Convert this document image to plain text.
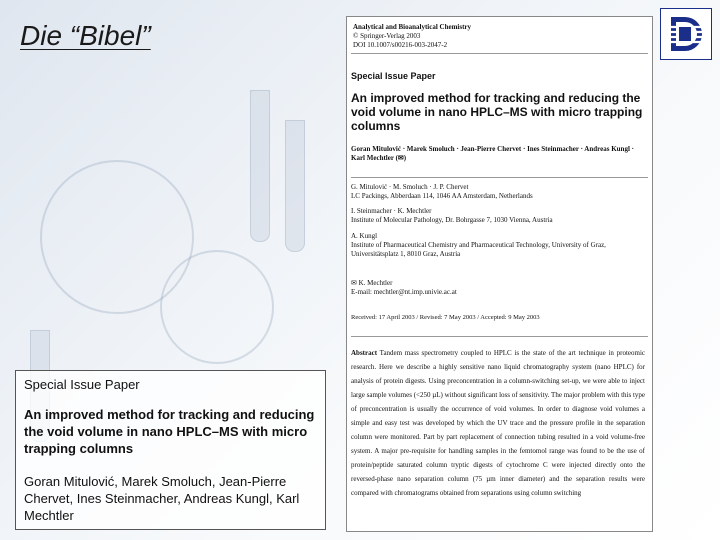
Die “Bibel”

Special Issue Paper

An improved method for tracking and reducing the void volume in nano HPLC–MS with micro trapping columns

Goran Mitulović, Marek Smoluch, Jean-Pierre Chervet, Ines Steinmacher, Andreas Kungl, Karl Mechtler

Analytical and Bioanalytical Chemistry
© Springer-Verlag 2003
DOI 10.1007/s00216-003-2047-2
Special Issue Paper
An improved method for tracking and reducing the void volume in nano HPLC–MS with micro trapping columns
Goran Mitulović · Marek Smoluch · Jean-Pierre Chervet · Ines Steinmacher · Andreas Kungl · Karl Mechtler (✉)
G. Mitulović · M. Smoluch · J. P. Chervet
LC Packings, Abberdaan 114, 1046 AA Amsterdam, Netherlands
I. Steinmacher · K. Mechtler
Institute of Molecular Pathology, Dr. Bohrgasse 7, 1030 Vienna, Austria
A. Kungl
Institute of Pharmaceutical Chemistry and Pharmaceutical Technology, University of Graz, Universitätsplatz 1, 8010 Graz, Austria
✉ K. Mechtler
E-mail: mechtler@nt.imp.univie.ac.at
Received: 17 April 2003 / Revised: 7 May 2003 / Accepted: 9 May 2003
Abstract Tandem mass spectrometry coupled to HPLC is the state of the art technique in proteomic research. Here we describe a highly sensitive nano liquid chromatography system (nano HPLC) for analysis of protein digests. Using preconcentration in a column-switching set-up, we were able to inject large sample volumes (<250 µL) without significant loss of sensitivity. The major problem with this type of preconcentration is usually the occurrence of void volumes. In order to diagnose void volumes a simple and easy test was developed by which the UV trace and the pressure profile in the separation column were monitored. Part by part replacement of connection tubing resulted in a void volume-free system. A major pre-requisite for handling samples in the femtomol range was found to be the use of protein/peptide saturated column tryptic digests of cytochrome C were injected directly onto the reversed-phase nano separation column (75 µm inner diameter) and the separation results were compared with chromatograms obtained from separations using column switching
